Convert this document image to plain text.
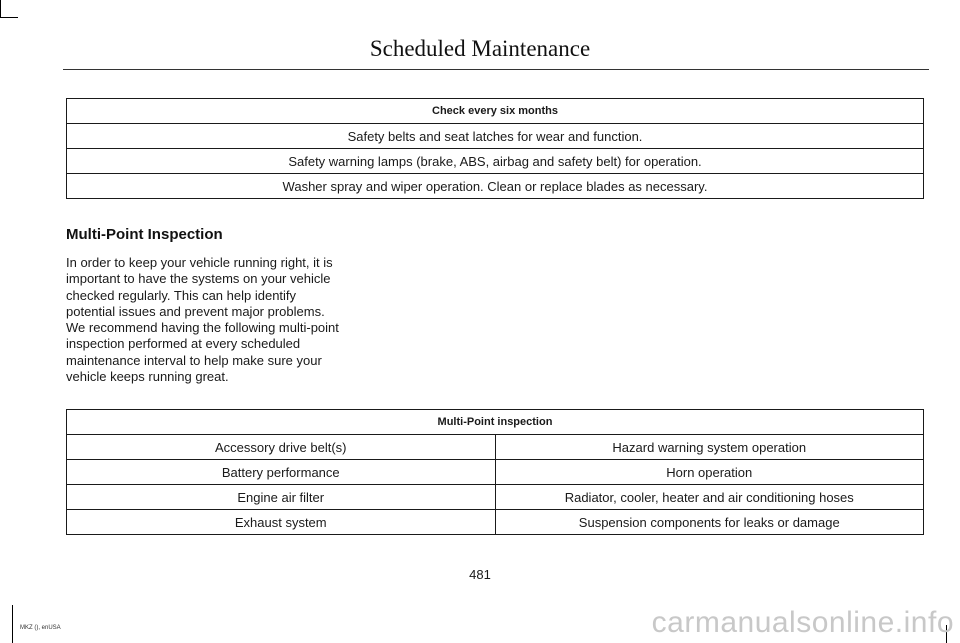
Scheduled Maintenance
Check every six months
Safety belts and seat latches for wear and function.
Safety warning lamps (brake, ABS, airbag and safety belt) for operation.
Washer spray and wiper operation. Clean or replace blades as necessary.
Multi-Point Inspection
In order to keep your vehicle running right, it is important to have the systems on your vehicle checked regularly. This can help identify potential issues and prevent major problems. We recommend having the following multi-point inspection performed at every scheduled maintenance interval to help make sure your vehicle keeps running great.
Multi-Point inspection	
Accessory drive belt(s)	Hazard warning system operation
Battery performance	Horn operation
Engine air filter	Radiator, cooler, heater and air conditioning hoses
Exhaust system	Suspension components for leaks or damage
481
MKZ (), enUSA	carmanualsonline.info
